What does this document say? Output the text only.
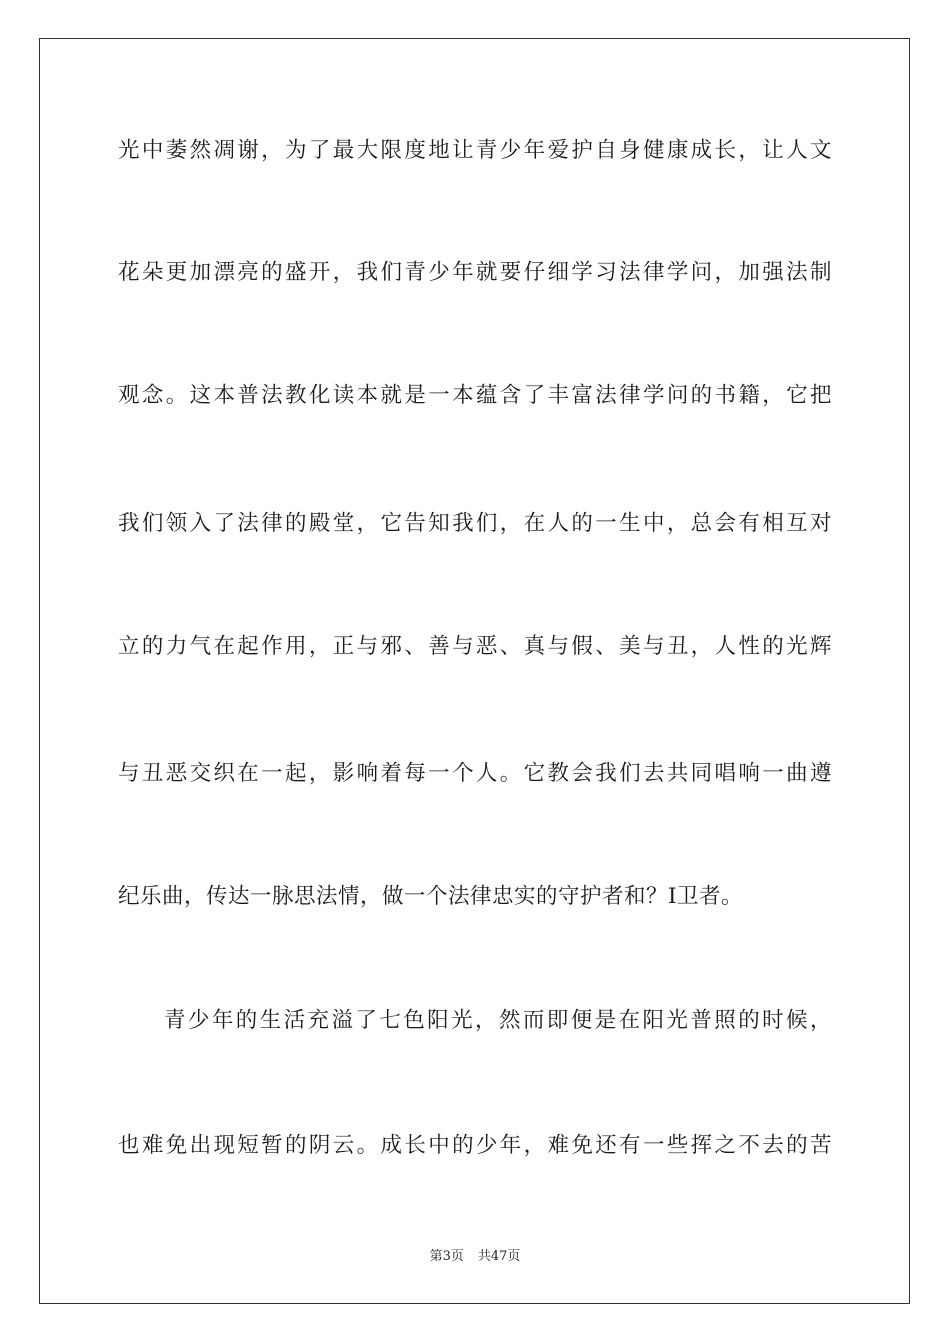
光中萎然凋谢，为了最大限度地让青少年爱护自身健康成长，让人文
花朵更加漂亮的盛开，我们青少年就要仔细学习法律学问，加强法制
观念。这本普法教化读本就是一本蕴含了丰富法律学问的书籍，它把
我们领入了法律的殿堂，它告知我们，在人的一生中，总会有相互对
立的力气在起作用，正与邪、善与恶、真与假、美与丑，人性的光辉
与丑恶交织在一起，影响着每一个人。它教会我们去共同唱响一曲遵
纪乐曲，传达一脉思法情，做一个法律忠实的守护者和？I卫者。
青少年的生活充溢了七色阳光，然而即便是在阳光普照的时候，
也难免出现短暂的阴云。成长中的少年，难免还有一些挥之不去的苦
第3页 共47页
